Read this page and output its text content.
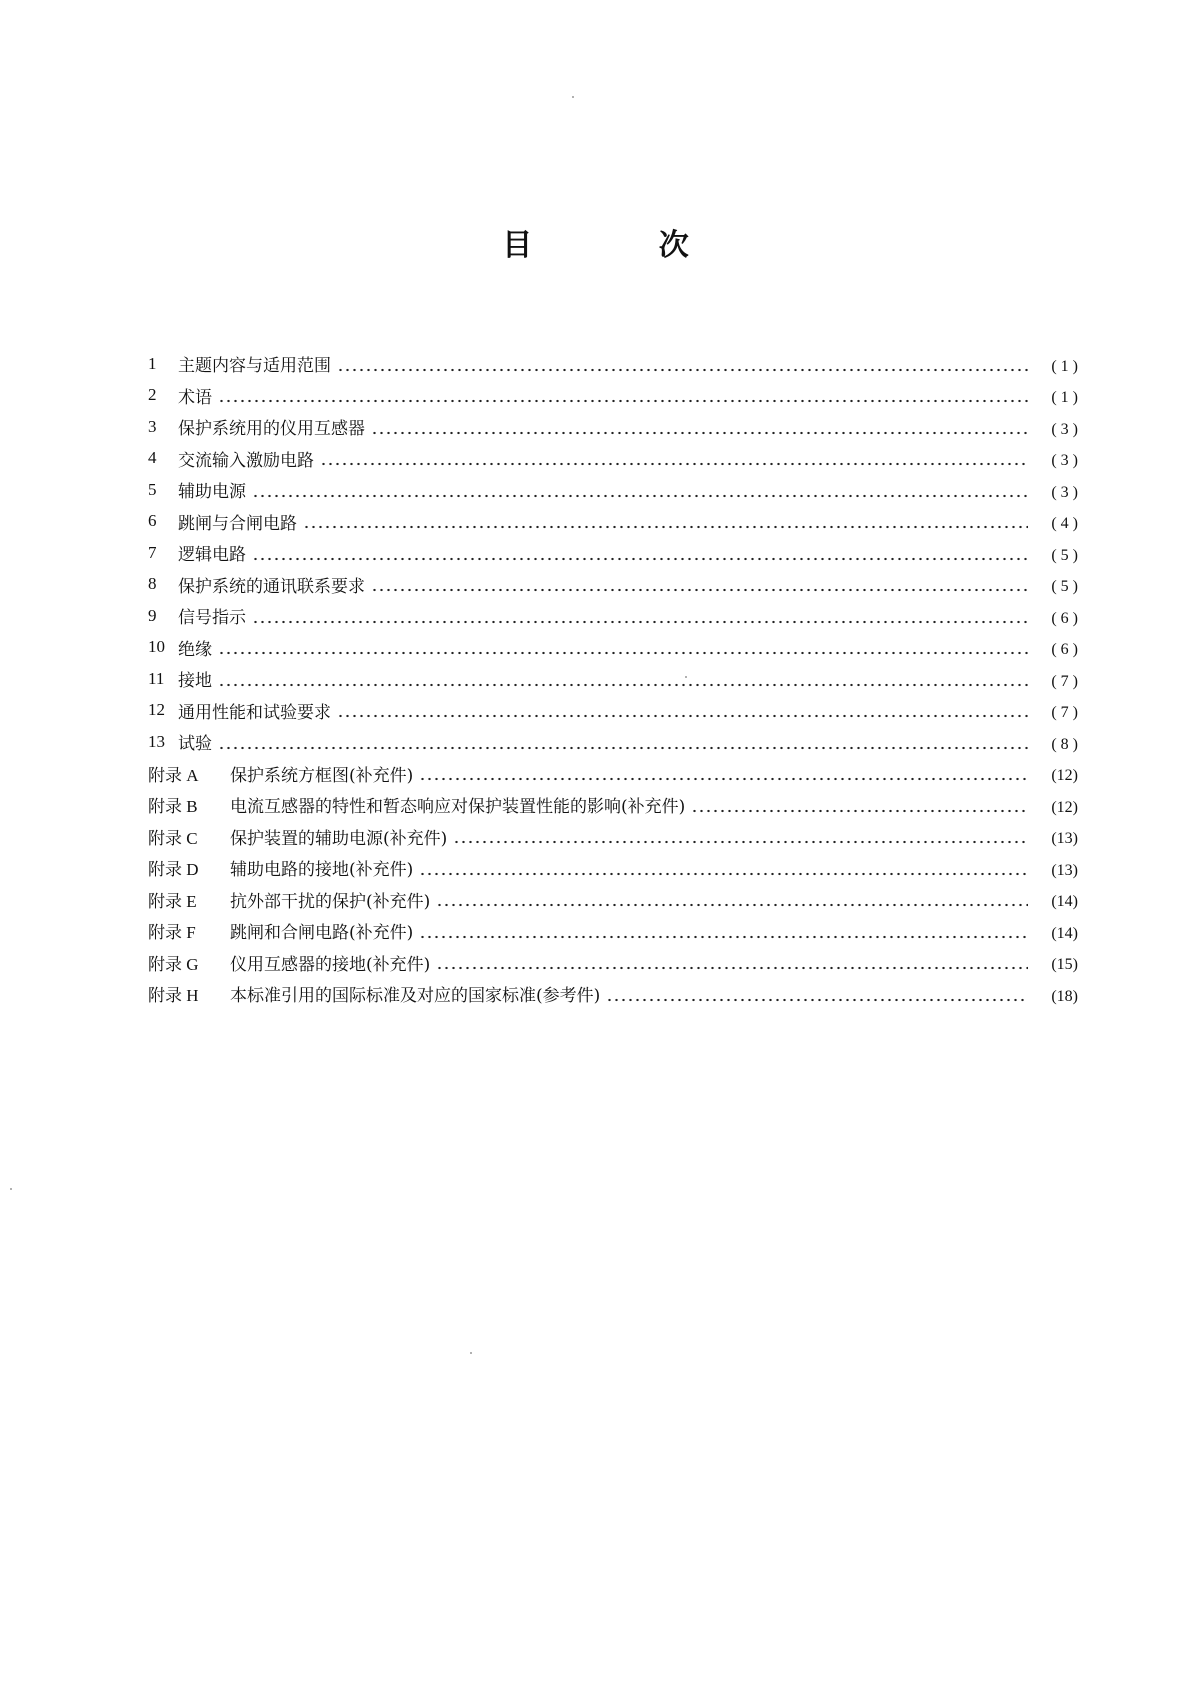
目 次
1	主题内容与适用范围	( 1 )
2	术语	( 1 )
3	保护系统用的仪用互感器	( 3 )
4	交流输入激励电路	( 3 )
5	辅助电源	( 3 )
6	跳闸与合闸电路	( 4 )
7	逻辑电路	( 5 )
8	保护系统的通讯联系要求	( 5 )
9	信号指示	( 6 )
10 绝缘	( 6 )
11 接地	( 7 )
12 通用性能和试验要求	( 7 )
13 试验	( 8 )
附录 A	保护系统方框图(补充件)	(12)
附录 B	电流互感器的特性和暂态响应对保护装置性能的影响(补充件)	(12)
附录 C	保护装置的辅助电源(补充件)	(13)
附录 D	辅助电路的接地(补充件)	(13)
附录 E	抗外部干扰的保护(补充件)	(14)
附录 F	跳闸和合闸电路(补充件)	(14)
附录 G	仪用互感器的接地(补充件)	(15)
附录 H	本标准引用的国际标准及对应的国家标准(参考件)	(18)
